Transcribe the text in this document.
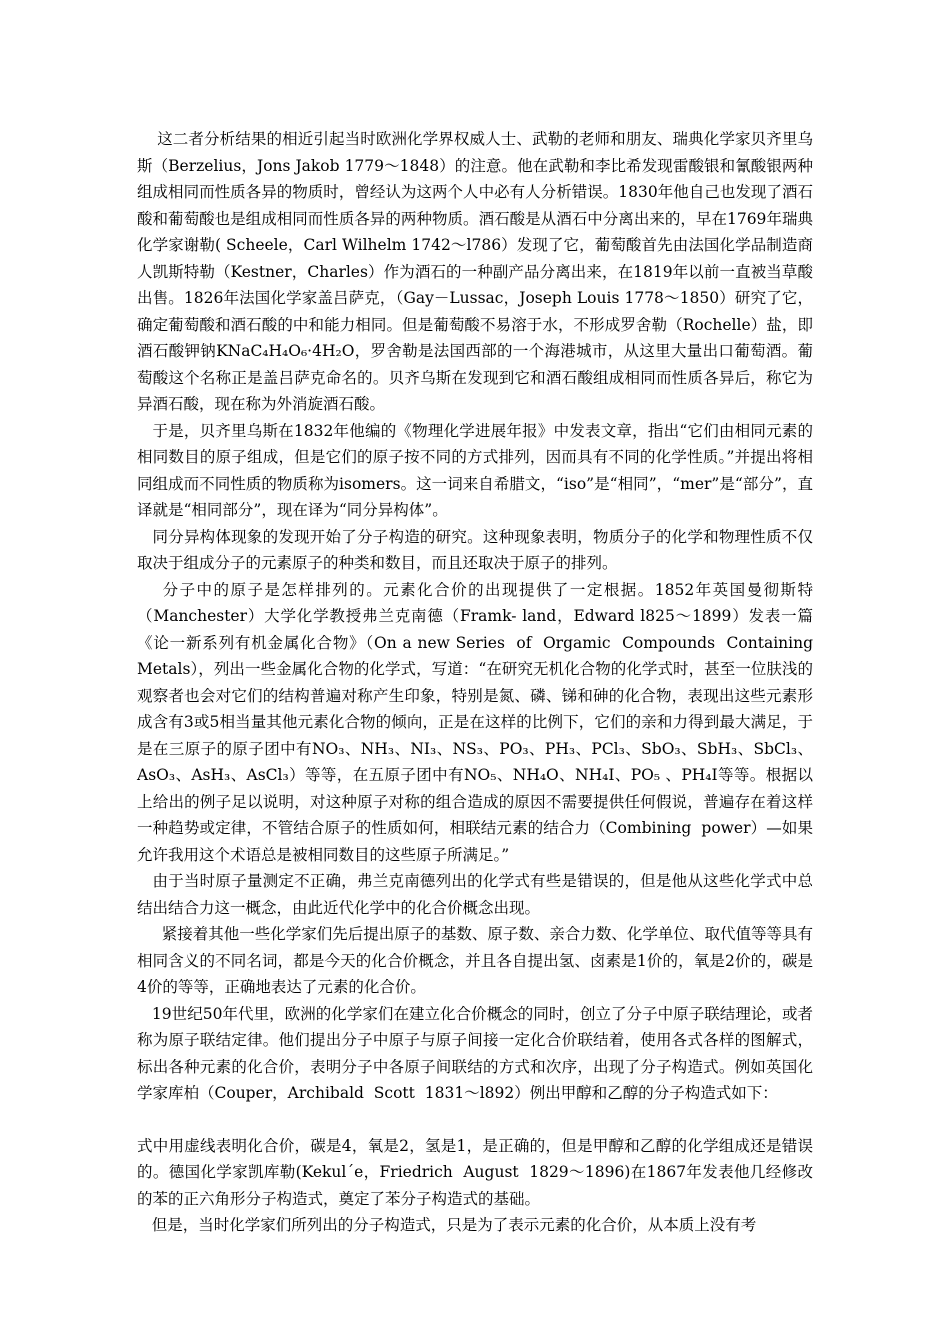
这二者分析结果的相近引起当时欧洲化学界权威人士、武勒的老师和朋友、瑞典化学家贝齐里乌斯（Berzelius，Jons Jakob 1779～1848）的注意。他在武勒和李比希发现雷酸银和氰酸银两种组成相同而性质各异的物质时，曾经认为这两个人中必有人分析错误。1830年他自己也发现了酒石酸和葡萄酸也是组成相同而性质各异的两种物质。酒石酸是从酒石中分离出来的，早在1769年瑞典化学家谢勒( Scheele，Carl Wilhelm 1742～l786）发现了它，葡萄酸首先由法国化学品制造商人凯斯特勒（Kestner，Charles）作为酒石的一种副产品分离出来，在1819年以前一直被当草酸出售。1826年法国化学家盖吕萨克，（Gay－Lussac，Joseph Louis 1778～1850）研究了它，确定葡萄酸和酒石酸的中和能力相同。但是葡萄酸不易溶于水，不形成罗舍勒（Rochelle）盐，即酒石酸钾钠KNaC₄H₄O₆·4H₂O，罗舍勒是法国西部的一个海港城市，从这里大量出口葡萄酒。葡萄酸这个名称正是盖吕萨克命名的。贝齐乌斯在发现到它和酒石酸组成相同而性质各异后，称它为异酒石酸，现在称为外消旋酒石酸。

于是，贝齐里乌斯在1832年他编的《物理化学进展年报》中发表文章，指出“它们由相同元素的相同数目的原子组成，但是它们的原子按不同的方式排列，因而具有不同的化学性质。”并提出将相同组成而不同性质的物质称为isomers。这一词来自希腊文，“iso”是“相同”，“mer”是“部分”，直译就是“相同部分”，现在译为“同分异构体”。

同分异构体现象的发现开始了分子构造的研究。这种现象表明，物质分子的化学和物理性质不仅取决于组成分子的元素原子的种类和数目，而且还取决于原子的排列。

分子中的原子是怎样排列的。元素化合价的出现提供了一定根据。1852年英国曼彻斯特（Manchester）大学化学教授弗兰克南德（Framk- land，Edward l825～1899）发表一篇《论一新系列有机金属化合物》（On a new Series  of  Orgamic  Compounds  Containing  Metals），列出一些金属化合物的化学式，写道：“在研究无机化合物的化学式时，甚至一位肤浅的观察者也会对它们的结构普遍对称产生印象，特别是氮、磷、锑和砷的化合物，表现出这些元素形成含有3或5相当量其他元素化合物的倾向，正是在这样的比例下，它们的亲和力得到最大满足，于是在三原子的原子团中有NO₃、NH₃、NI₃、NS₃、PO₃、PH₃、PCl₃、SbO₃、SbH₃、SbCl₃、AsO₃、AsH₃、AsCl₃）等等，在五原子团中有NO₅、NH₄O、NH₄I、PO₅ 、PH₄I等等。根据以上给出的例子足以说明，对这种原子对称的组合造成的原因不需要提供任何假说，普遍存在着这样一种趋势或定律，不管结合原子的性质如何，相联结元素的结合力（Combining  power）—如果允许我用这个术语总是被相同数目的这些原子所满足。”

由于当时原子量测定不正确，弗兰克南德列出的化学式有些是错误的，但是他从这些化学式中总结出结合力这一概念，由此近代化学中的化合价概念出现。

紧接着其他一些化学家们先后提出原子的基数、原子数、亲合力数、化学单位、取代值等等具有相同含义的不同名词，都是今天的化合价概念，并且各自提出氢、卤素是1价的，氧是2价的，碳是4价的等等，正确地表达了元素的化合价。

19世纪50年代里，欧洲的化学家们在建立化合价概念的同时，创立了分子中原子联结理论，或者称为原子联结定律。他们提出分子中原子与原子间接一定化合价联结着，使用各式各样的图解式，标出各种元素的化合价，表明分子中各原子间联结的方式和次序，出现了分子构造式。例如英国化学家库柏（Couper，Archibald  Scott  1831～l892）例出甲醇和乙醇的分子构造式如下：

式中用虚线表明化合价，碳是4，氧是2，氢是1，是正确的，但是甲醇和乙醇的化学组成还是错误的。德国化学家凯库勒(Kekul´e，Friedrich  August  1829～1896)在1867年发表他几经修改的苯的正六角形分子构造式，奠定了苯分子构造式的基础。

但是，当时化学家们所列出的分子构造式，只是为了表示元素的化合价，从本质上没有考
